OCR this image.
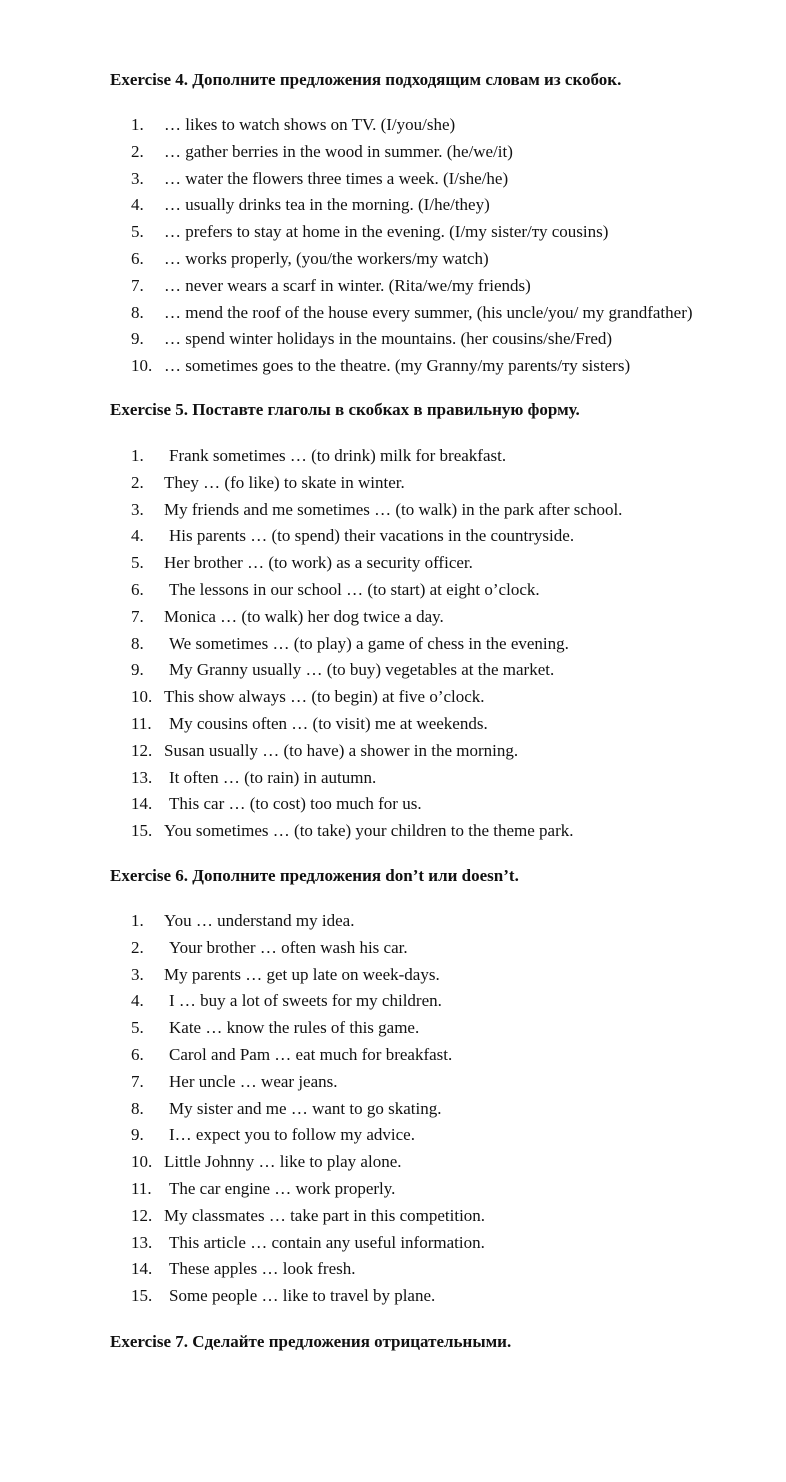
Exercise 4. Дополните предложения подходящим словам из скобок.
1. … likes to watch shows on TV. (I/you/she)
2. … gather berries in the wood in summer. (he/we/it)
3. … water the flowers three times a week. (I/she/he)
4. … usually drinks tea in the morning. (I/he/they)
5. … prefers to stay at home in the evening. (I/my sister/ту cousins)
6. … works properly, (you/the workers/my watch)
7. … never wears a scarf in winter. (Rita/we/my friends)
8. … mend the roof of the house every summer, (his uncle/you/ my grandfather)
9. … spend winter holidays in the mountains. (her cousins/she/Fred)
10. … sometimes goes to the theatre. (my Granny/my parents/ту sisters)
Exercise 5. Поставте глаголы в скобках в правильную форму.
1. Frank sometimes … (to drink) milk for breakfast.
2. They … (fo like) to skate in winter.
3. My friends and me sometimes … (to walk) in the park after school.
4. His parents … (to spend) their vacations in the countryside.
5. Her brother … (to work) as a security officer.
6. The lessons in our school … (to start) at eight o’clock.
7. Monica … (to walk) her dog twice a day.
8. We sometimes … (to play) a game of chess in the evening.
9. My Granny usually … (to buy) vegetables at the market.
10. This show always … (to begin) at five o’clock.
11. My cousins often … (to visit) me at weekends.
12. Susan usually … (to have) a shower in the morning.
13. It often … (to rain) in autumn.
14. This car … (to cost) too much for us.
15. You sometimes … (to take) your children to the theme park.
Exercise 6. Дополните предложения don’t или doesn’t.
1. You … understand my idea.
2. Your brother … often wash his car.
3. My parents … get up late on week-days.
4. I … buy a lot of sweets for my children.
5. Kate … know the rules of this game.
6. Carol and Pam … eat much for breakfast.
7. Her uncle … wear jeans.
8. My sister and me … want to go skating.
9. I… expect you to follow my advice.
10. Little Johnny … like to play alone.
11. The car engine … work properly.
12. My classmates … take part in this competition.
13. This article … contain any useful information.
14. These apples … look fresh.
15. Some people … like to travel by plane.
Exercise 7. Сделайте предложения отрицательными.
